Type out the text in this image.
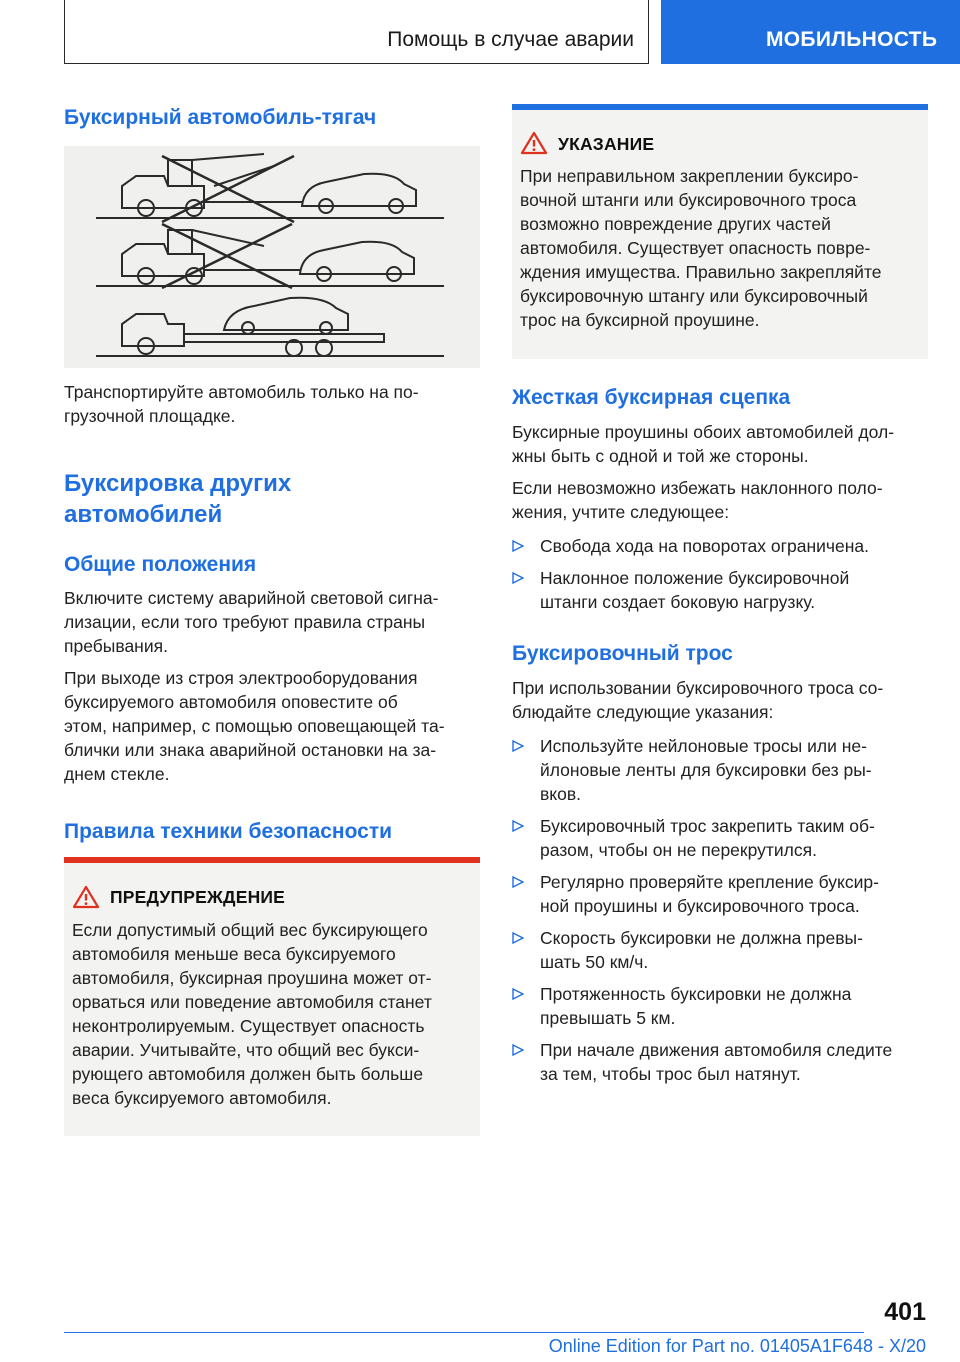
Помощь в случае аварии	МОБИЛЬНОСТЬ
Буксирный автомобиль-тягач

Транспортируйте автомобиль только на по-
грузочной площадке.

Буксировка других
автомобилей
Общие положения

Включите систему аварийной световой сигна-
лизации, если того требуют правила страны
пребывания.

При выходе из строя электрооборудования
буксируемого автомобиля оповестите об
этом, например, с помощью оповещающей та-
блички или знака аварийной остановки на за-
днем стекле.

Правила техники безопасности
ПРЕДУПРЕЖДЕНИЕ

Если допустимый общий вес буксирующего
автомобиля меньше веса буксируемого
автомобиля, буксирная проушина может от-
орваться или поведение автомобиля станет
неконтролируемым. Существует опасность
аварии. Учитывайте, что общий вес букси-
рующего автомобиля должен быть больше
веса буксируемого автомобиля.

УКАЗАНИЕ

При неправильном закреплении буксиро-
вочной штанги или буксировочного троса
возможно повреждение других частей
автомобиля. Существует опасность повре-
ждения имущества. Правильно закрепляйте
буксировочную штангу или буксировочный
трос на буксирной проушине.

Жесткая буксирная сцепка

Буксирные проушины обоих автомобилей дол-
жны быть с одной и той же стороны.

Если невозможно избежать наклонного поло-
жения, учтите следующее:

Свобода хода на поворотах ограничена.
Наклонное положение буксировочной
штанги создает боковую нагрузку.
Буксировочный трос

При использовании буксировочного троса со-
блюдайте следующие указания:

Используйте нейлоновые тросы или не-
йлоновые ленты для буксировки без ры-
вков.
Буксировочный трос закрепить таким об-
разом, чтобы он не перекрутился.
Регулярно проверяйте крепление буксир-
ной проушины и буксировочного троса.
Скорость буксировки не должна превы-
шать 50 км/ч.
Протяженность буксировки не должна
превышать 5 км.
При начале движения автомобиля следите
за тем, чтобы трос был натянут.
401
Online Edition for Part no. 01405A1F648 - X/20
